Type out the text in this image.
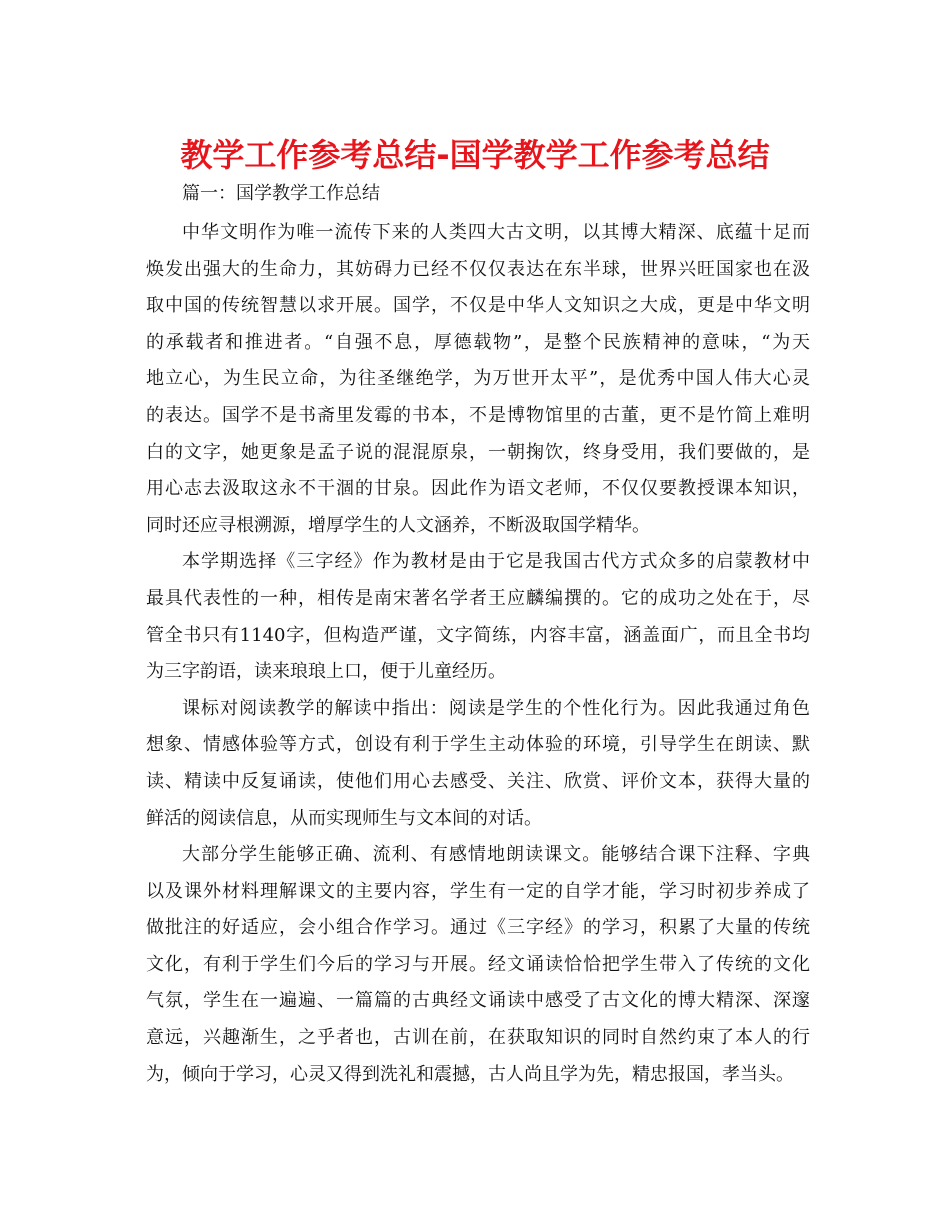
教学工作参考总结-国学教学工作参考总结

篇一：国学教学工作总结

中华文明作为唯一流传下来的人类四大古文明，以其博大精深、底蕴十足而
焕发出强大的生命力，其妨碍力已经不仅仅表达在东半球，世界兴旺国家也在汲
取中国的传统智慧以求开展。国学，不仅是中华人文知识之大成，更是中华文明
的承载者和推进者。“自强不息，厚德载物”，是整个民族精神的意味，“为天
地立心，为生民立命，为往圣继绝学，为万世开太平”，是优秀中国人伟大心灵
的表达。国学不是书斋里发霉的书本，不是博物馆里的古董，更不是竹简上难明
白的文字，她更象是孟子说的混混原泉，一朝掬饮，终身受用，我们要做的，是
用心志去汲取这永不干涸的甘泉。因此作为语文老师，不仅仅要教授课本知识，
同时还应寻根溯源，增厚学生的人文涵养，不断汲取国学精华。

本学期选择《三字经》作为教材是由于它是我国古代方式众多的启蒙教材中
最具代表性的一种，相传是南宋著名学者王应麟编撰的。它的成功之处在于，尽
管全书只有1140字，但构造严谨，文字简练，内容丰富，涵盖面广，而且全书均
为三字韵语，读来琅琅上口，便于儿童经历。

课标对阅读教学的解读中指出：阅读是学生的个性化行为。因此我通过角色
想象、情感体验等方式，创设有利于学生主动体验的环境，引导学生在朗读、默
读、精读中反复诵读，使他们用心去感受、关注、欣赏、评价文本，获得大量的
鲜活的阅读信息，从而实现师生与文本间的对话。

大部分学生能够正确、流利、有感情地朗读课文。能够结合课下注释、字典
以及课外材料理解课文的主要内容，学生有一定的自学才能，学习时初步养成了
做批注的好适应，会小组合作学习。通过《三字经》的学习，积累了大量的传统
文化，有利于学生们今后的学习与开展。经文诵读恰恰把学生带入了传统的文化
气氛，学生在一遍遍、一篇篇的古典经文诵读中感受了古文化的博大精深、深邃
意远，兴趣渐生，之乎者也，古训在前，在获取知识的同时自然约束了本人的行
为，倾向于学习，心灵又得到洗礼和震撼，古人尚且学为先，精忠报国，孝当头。
